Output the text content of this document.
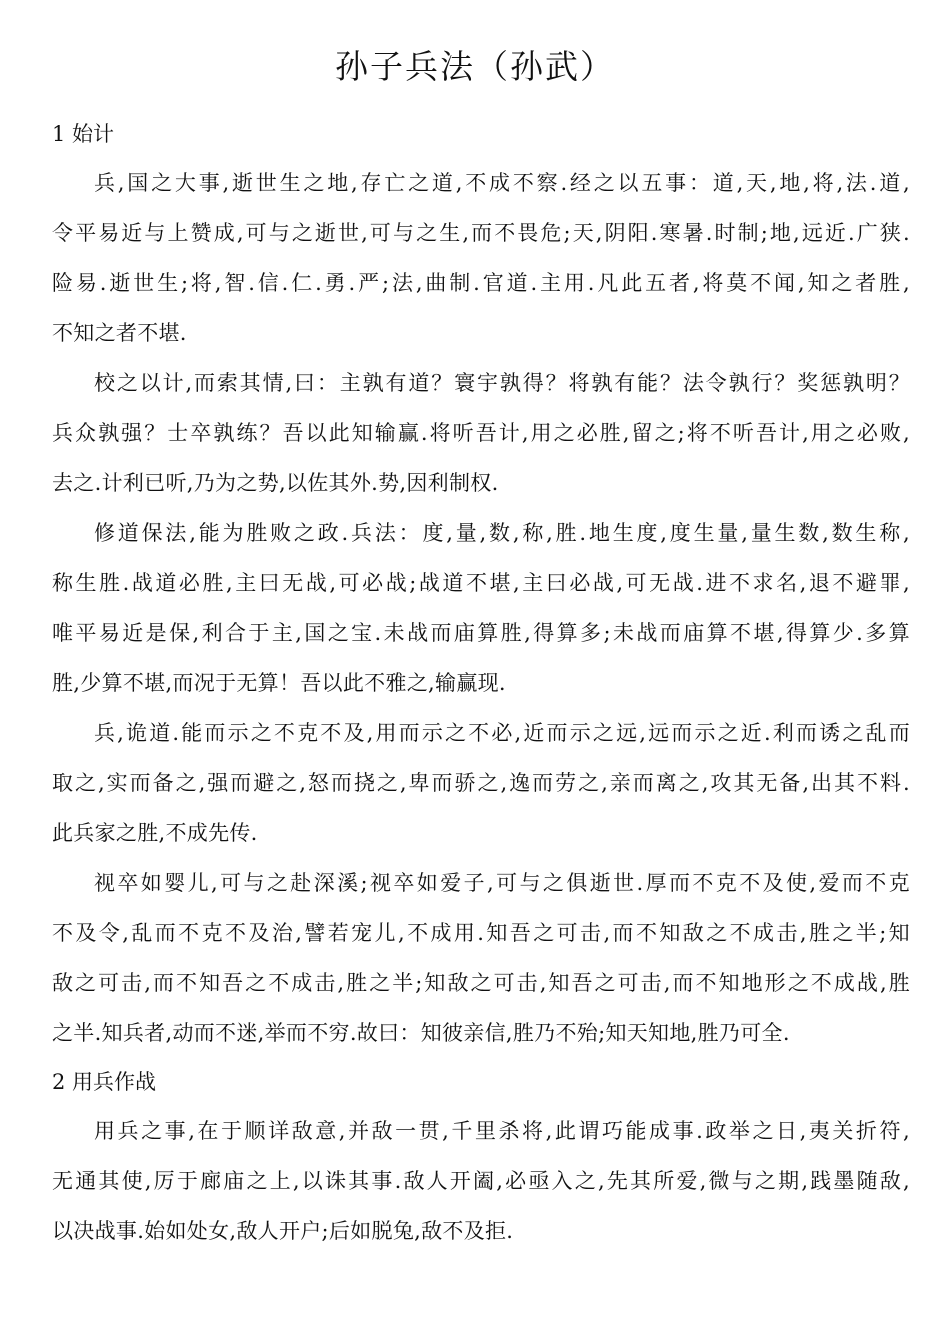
孙子兵法（孙武）
1 始计

兵,国之大事,逝世生之地,存亡之道,不成不察.经之以五事：道,天,地,将,法.道,
令平易近与上赞成,可与之逝世,可与之生,而不畏危;天,阴阳.寒暑.时制;地,远近.广狭.
险易.逝世生;将,智.信.仁.勇.严;法,曲制.官道.主用.凡此五者,将莫不闻,知之者胜,
不知之者不堪.

校之以计,而索其情,曰：主孰有道？寰宇孰得？将孰有能？法令孰行？奖惩孰明？
兵众孰强？士卒孰练？吾以此知输赢.将听吾计,用之必胜,留之;将不听吾计,用之必败,
去之.计利已听,乃为之势,以佐其外.势,因利制权.

修道保法,能为胜败之政.兵法：度,量,数,称,胜.地生度,度生量,量生数,数生称,
称生胜.战道必胜,主曰无战,可必战;战道不堪,主曰必战,可无战.进不求名,退不避罪,
唯平易近是保,利合于主,国之宝.未战而庙算胜,得算多;未战而庙算不堪,得算少.多算
胜,少算不堪,而况于无算！吾以此不雅之,输赢现.

兵,诡道.能而示之不克不及,用而示之不必,近而示之远,远而示之近.利而诱之乱而
取之,实而备之,强而避之,怒而挠之,卑而骄之,逸而劳之,亲而离之,攻其无备,出其不料.
此兵家之胜,不成先传.

视卒如婴儿,可与之赴深溪;视卒如爱子,可与之俱逝世.厚而不克不及使,爱而不克
不及令,乱而不克不及治,譬若宠儿,不成用.知吾之可击,而不知敌之不成击,胜之半;知
敌之可击,而不知吾之不成击,胜之半;知敌之可击,知吾之可击,而不知地形之不成战,胜
之半.知兵者,动而不迷,举而不穷.故曰：知彼亲信,胜乃不殆;知天知地,胜乃可全.

2 用兵作战

用兵之事,在于顺详敌意,并敌一贯,千里杀将,此谓巧能成事.政举之日,夷关折符,
无通其使,厉于廊庙之上,以诛其事.敌人开阖,必亟入之,先其所爱,微与之期,践墨随敌,
以决战事.始如处女,敌人开户;后如脱兔,敌不及拒.
